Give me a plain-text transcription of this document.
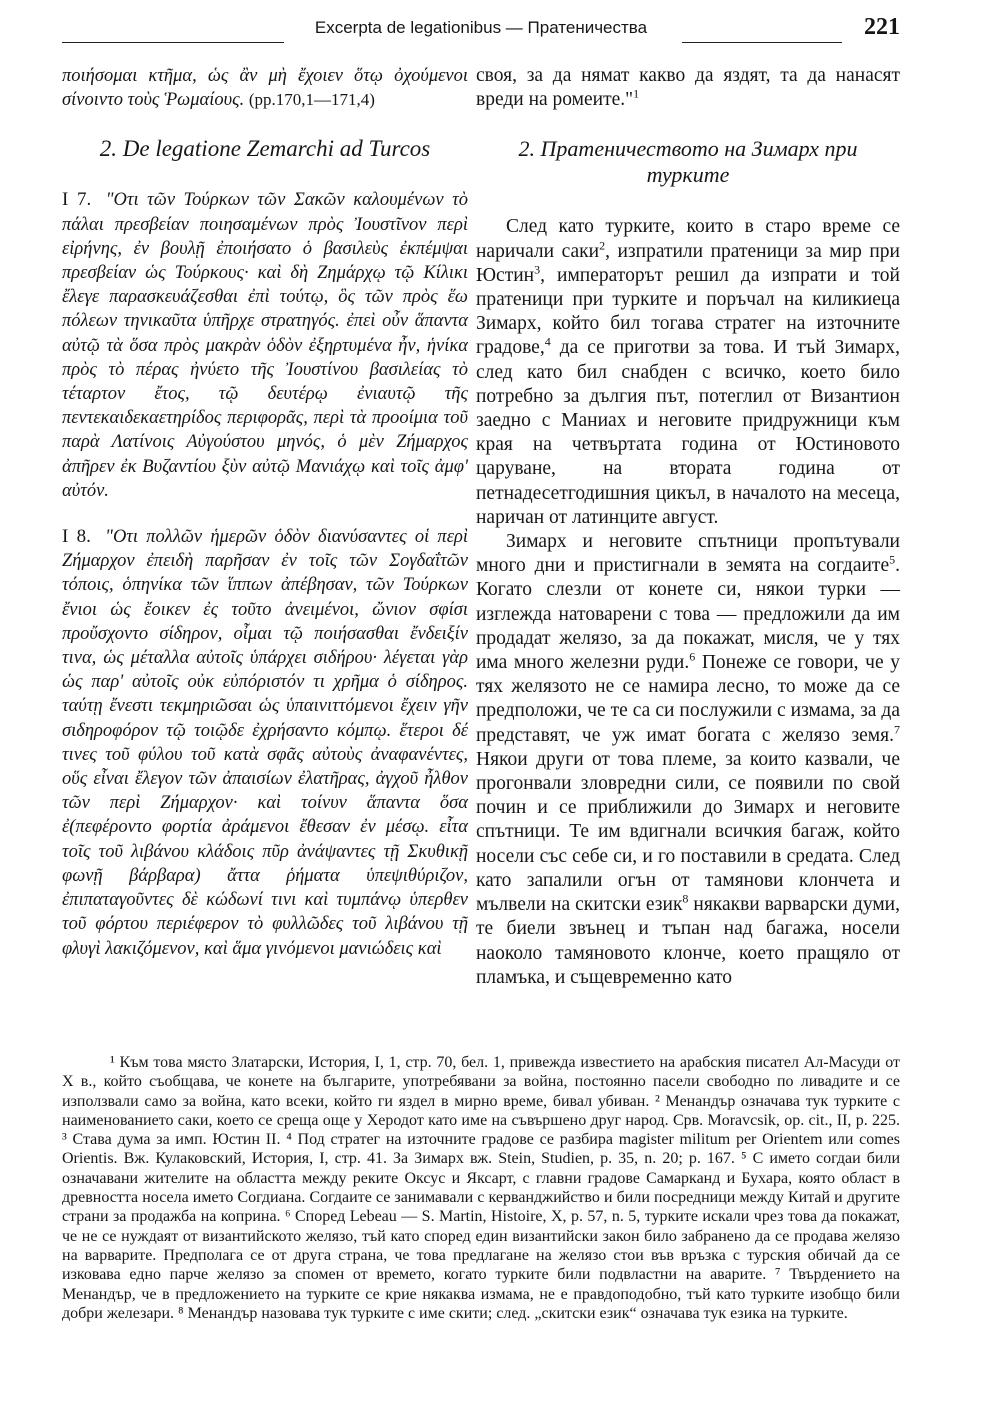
Excerpta de legationibus — Пратеничества	221

ποιήσομαι κτῆμα, ὡς ἂν μὴ ἔχοιεν ὅτῳ ὀχούμενοι σίνοιντο τοὺς Ῥωμαίους. (pp.170,1—171,4)

2. De legatione Zemarchi ad Turcos

I 7. "Οτι τῶν Τούρκων τῶν Σακῶν καλουμένων τὸ πάλαι πρεσβείαν ποιησαμένων πρὸς Ἰουστῖνον περὶ εἰρήνης, ἐν βουλῇ ἐποιήσατο ὁ βασιλεὺς ἐκπέμψαι πρεσβείαν ὡς Τούρκους· καὶ δὴ Ζημάρχῳ τῷ Κίλικι ἔλεγε παρασκευάζεσθαι ἐπὶ τούτῳ, ὃς τῶν πρὸς ἕω πόλεων τηνικαῦτα ὑπῆρχε στρατηγός. ἐπεὶ οὖν ἅπαντα αὐτῷ τὰ ὅσα πρὸς μακρὰν ὁδὸν ἐξηρτυμένα ἦν, ἡνίκα πρὸς τὸ πέρας ἠνύετο τῆς Ἰουστίνου βασιλείας τὸ τέταρτον ἔτος, τῷ δευτέρῳ ἐνιαυτῷ τῆς πεντεκαιδεκαετηρίδος περιφορᾶς, περὶ τὰ προοίμια τοῦ παρὰ Λατίνοις Αὐγούστου μηνός, ὁ μὲν Ζήμαρχος ἀπῆρεν ἐκ Βυζαντίου ξὺν αὐτῷ Μανιάχῳ καὶ τοῖς ἀμφ' αὐτόν.

I 8. "Οτι πολλῶν ἡμερῶν ὁδὸν διανύσαντες οἱ περὶ Ζήμαρχον ἐπειδὴ παρῆσαν ἐν τοῖς τῶν Σογδαΐτῶν τόποις, ὁπηνίκα τῶν ἵππων ἀπέβησαν, τῶν Τούρκων ἔνιοι ὡς ἔοικεν ἐς τοῦτο ἀνειμένοι, ὤνιον σφίσι προὔσχοντο σίδηρον, οἶμαι τῷ ποιήσασθαι ἔνδειξίν τινα, ὡς μέταλλα αὐτοῖς ὑπάρχει σιδήρου· λέγεται γὰρ ὡς παρ' αὐτοῖς οὐκ εὐπόριστόν τι χρῆμα ὁ σίδηρος. ταύτῃ ἔνεστι τεκμηριῶσαι ὡς ὑπαινιττόμενοι ἔχειν γῆν σιδηροφόρον τῷ τοιῷδε ἐχρήσαντο κόμπῳ. ἕτεροι δέ τινες τοῦ φύλου τοῦ κατὰ σφᾶς αὐτοὺς ἀναφανέντες, οὕς εἶναι ἔλεγον τῶν ἀπαισίων ἐλατῆρας, ἀγχοῦ ἦλθον τῶν περὶ Ζήμαρχον· καὶ τοίνυν ἅπαντα ὅσα ἐ(πεφέροντο φορτία ἀράμενοι ἔθεσαν ἐν μέσῳ. εἶτα τοῖς τοῦ λιβάνου κλάδοις πῦρ ἀνάψαντες τῇ Σκυθικῇ φωνῇ βάρβαρα) ἄττα ῥήματα ὑπεψιθύριζον, ἐπιπαταγοῦντες δὲ κώδωνί τινι καὶ τυμπάνῳ ὑπερθεν τοῦ φόρτου περιέφερον τὸ φυλλῶδες τοῦ λιβάνου τῇ φλυγὶ λακιζόμενον, καὶ ἅμα γινόμενοι μανιώδεις καὶ

своя, за да нямат какво да яздят, та да нанасят вреди на ромеите."$^1$

2. Пратеничеството на Зимарх при турките

След като турките, които в старо време се наричали саки$^2$, изпратили пратеници за мир при Юстин$^3$, императорът решил да изпрати и той пратеници при турките и поръчал на киликиеца Зимарх, който бил тогава стратег на източните градове,$^4$ да се приготви за това. И тъй Зимарх, след като бил снабден с всичко, което било потребно за дългия път, потеглил от Византион заедно с Маниах и неговите придружници към края на четвъртата година от Юстиновото царуване, на втората година от петнадесетгодишния цикъл, в началото на месеца, наричан от латинците август.

Зимарх и неговите спътници пропътували много дни и пристигнали в земята на согдаите$^5$. Когато слезли от конете си, някои турки — изглежда натоварени с това — предложили да им продадат желязо, за да покажат, мисля, че у тях има много железни руди.$^6$ Понеже се говори, че у тях желязото не се намира лесно, то може да се предположи, че те са си послужили с измама, за да представят, че уж имат богата с желязо земя.$^7$ Някои други от това племе, за които казвали, че прогонвали зловредни сили, се появили по свой почин и се приближили до Зимарх и неговите спътници. Те им вдигнали всичкия багаж, който носели със себе си, и го поставили в средата. След като запалили огън от тамянови клончета и мълвели на скитски език$^8$ някакви варварски думи, те биели звънец и тъпан над багажа, носели наоколо тамяновото клонче, което пращяло от пламъка, и същевременно като

¹ Към това място Златарски, История, I, 1, стр. 70, бел. 1, привежда известието на арабския писател Ал-Масуди от X в., който съобщава, че конете на българите, употребявани за война, постоянно пасели свободно по ливадите и се използвали само за война, като всеки, който ги яздел в мирно време, бивал убиван. ² Менандър означава тук турките с наименованието саки, което се среща още у Херодот като име на съвършено друг народ. Срв. Moravcsik, op. cit., II, p. 225. ³ Става дума за имп. Юстин II. ⁴ Под стратег на източните градове се разбира magister militum per Orientem или comes Orientis. Вж. Кулаковский, История, I, стр. 41. За Зимарх вж. Stein, Studien, p. 35, n. 20; p. 167. ⁵ С името согдаи били означавани жителите на областта между реките Оксус и Яксарт, с главни градове Самарканд и Бухара, която област в древността носела името Согдиана. Согдаите се занимавали с керванджийство и били посредници между Китай и другите страни за продажба на коприна. ⁶ Според Lebeau — S. Martin, Histoire, X, p. 57, n. 5, турките искали чрез това да покажат, че не се нуждаят от византийското желязо, тъй като според един византийски закон било забранено да се продава желязо на варварите. Предполага се от друга страна, че това предлагане на желязо стои във връзка с турския обичай да се изковава едно парче желязо за спомен от времето, когато турките били подвластни на аварите. ⁷ Твърдението на Менандър, че в предложението на турките се крие някаква измама, не е правдоподобно, тъй като турките изобщо били добри железари. ⁸ Менандър назовава тук турките с име скити; след. „скитски език“ означава тук езика на турките.
